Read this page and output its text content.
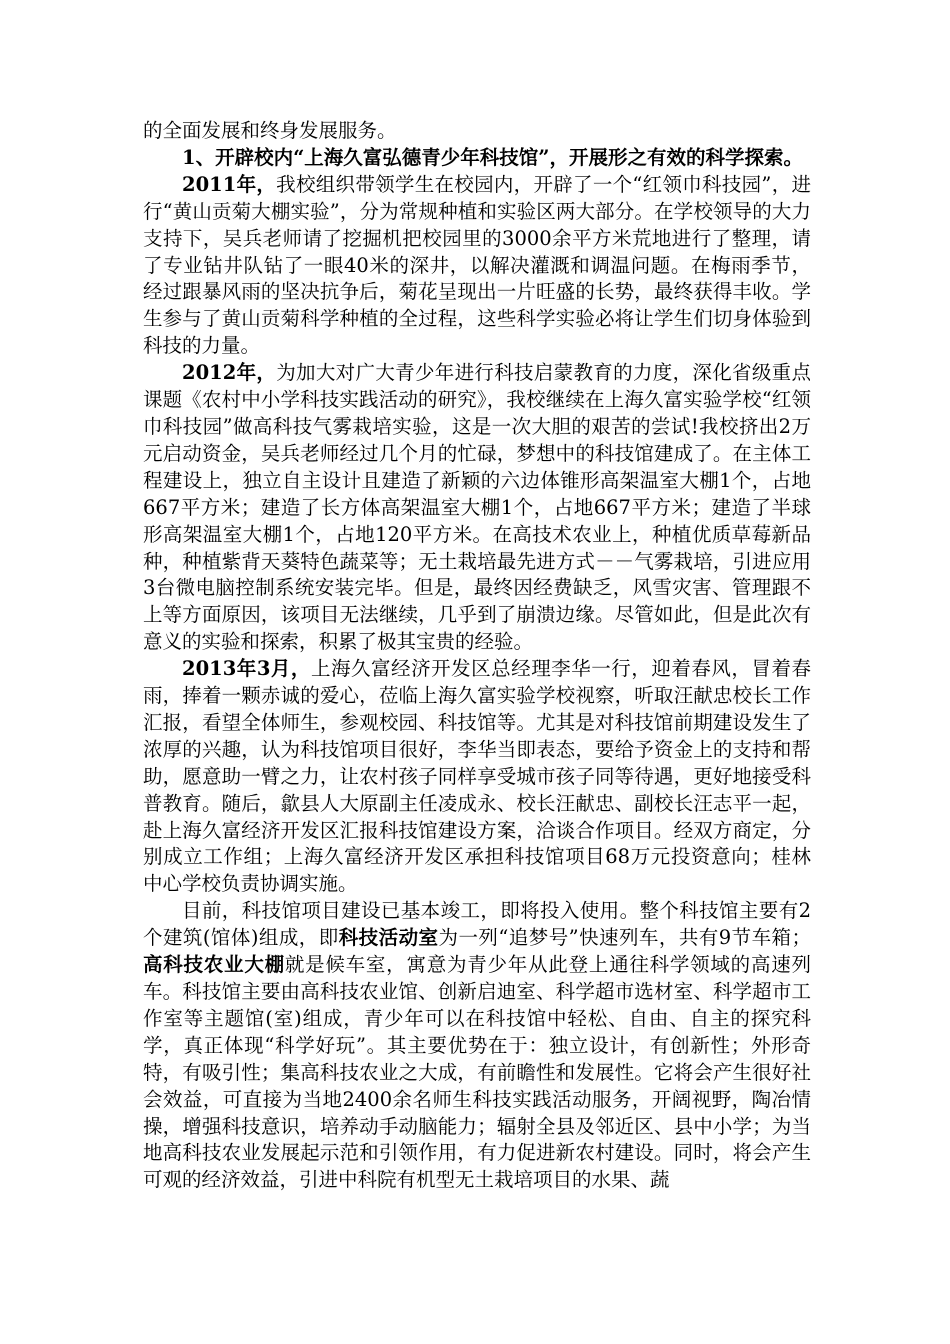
的全面发展和终身发展服务。

1、开辟校内“上海久富弘德青少年科技馆”，开展形之有效的科学探索。

2011年，我校组织带领学生在校园内，开辟了一个“红领巾科技园”，进行“黄山贡菊大棚实验”，分为常规种植和实验区两大部分。在学校领导的大力支持下，吴兵老师请了挖掘机把校园里的3000余平方米荒地进行了整理，请了专业钻井队钻了一眼40米的深井，以解决灌溉和调温问题。在梅雨季节，经过跟暴风雨的坚决抗争后，菊花呈现出一片旺盛的长势，最终获得丰收。学生参与了黄山贡菊科学种植的全过程，这些科学实验必将让学生们切身体验到科技的力量。

2012年，为加大对广大青少年进行科技启蒙教育的力度，深化省级重点课题《农村中小学科技实践活动的研究》，我校继续在上海久富实验学校“红领巾科技园”做高科技气雾栽培实验，这是一次大胆的艰苦的尝试!我校挤出2万元启动资金，吴兵老师经过几个月的忙碌，梦想中的科技馆建成了。在主体工程建设上，独立自主设计且建造了新颖的六边体锥形高架温室大棚1个，占地667平方米；建造了长方体高架温室大棚1个，占地667平方米；建造了半球形高架温室大棚1个，占地120平方米。在高技术农业上，种植优质草莓新品种，种植紫背天葵特色蔬菜等；无土栽培最先进方式－－气雾栽培，引进应用3台微电脑控制系统安装完毕。但是，最终因经费缺乏，风雪灾害、管理跟不上等方面原因，该项目无法继续，几乎到了崩溃边缘。尽管如此，但是此次有意义的实验和探索，积累了极其宝贵的经验。

2013年3月，上海久富经济开发区总经理李华一行，迎着春风，冒着春雨，捧着一颗赤诚的爱心，莅临上海久富实验学校视察，听取汪献忠校长工作汇报，看望全体师生，参观校园、科技馆等。尤其是对科技馆前期建设发生了浓厚的兴趣，认为科技馆项目很好，李华当即表态，要给予资金上的支持和帮助，愿意助一臂之力，让农村孩子同样享受城市孩子同等待遇，更好地接受科普教育。随后，歙县人大原副主任凌成永、校长汪献忠、副校长汪志平一起，赴上海久富经济开发区汇报科技馆建设方案，洽谈合作项目。经双方商定，分别成立工作组；上海久富经济开发区承担科技馆项目68万元投资意向；桂林中心学校负责协调实施。

目前，科技馆项目建设已基本竣工，即将投入使用。整个科技馆主要有2个建筑(馆体)组成，即科技活动室为一列“追梦号”快速列车，共有9节车箱；高科技农业大棚就是候车室，寓意为青少年从此登上通往科学领域的高速列车。科技馆主要由高科技农业馆、创新启迪室、科学超市选材室、科学超市工作室等主题馆(室)组成，青少年可以在科技馆中轻松、自由、自主的探究科学，真正体现“科学好玩”。其主要优势在于：独立设计，有创新性；外形奇特，有吸引性；集高科技农业之大成，有前瞻性和发展性。它将会产生很好社会效益，可直接为当地2400余名师生科技实践活动服务，开阔视野，陶冶情操，增强科技意识，培养动手动脑能力；辐射全县及邻近区、县中小学；为当地高科技农业发展起示范和引领作用，有力促进新农村建设。同时，将会产生可观的经济效益，引进中科院有机型无土栽培项目的水果、蔬
